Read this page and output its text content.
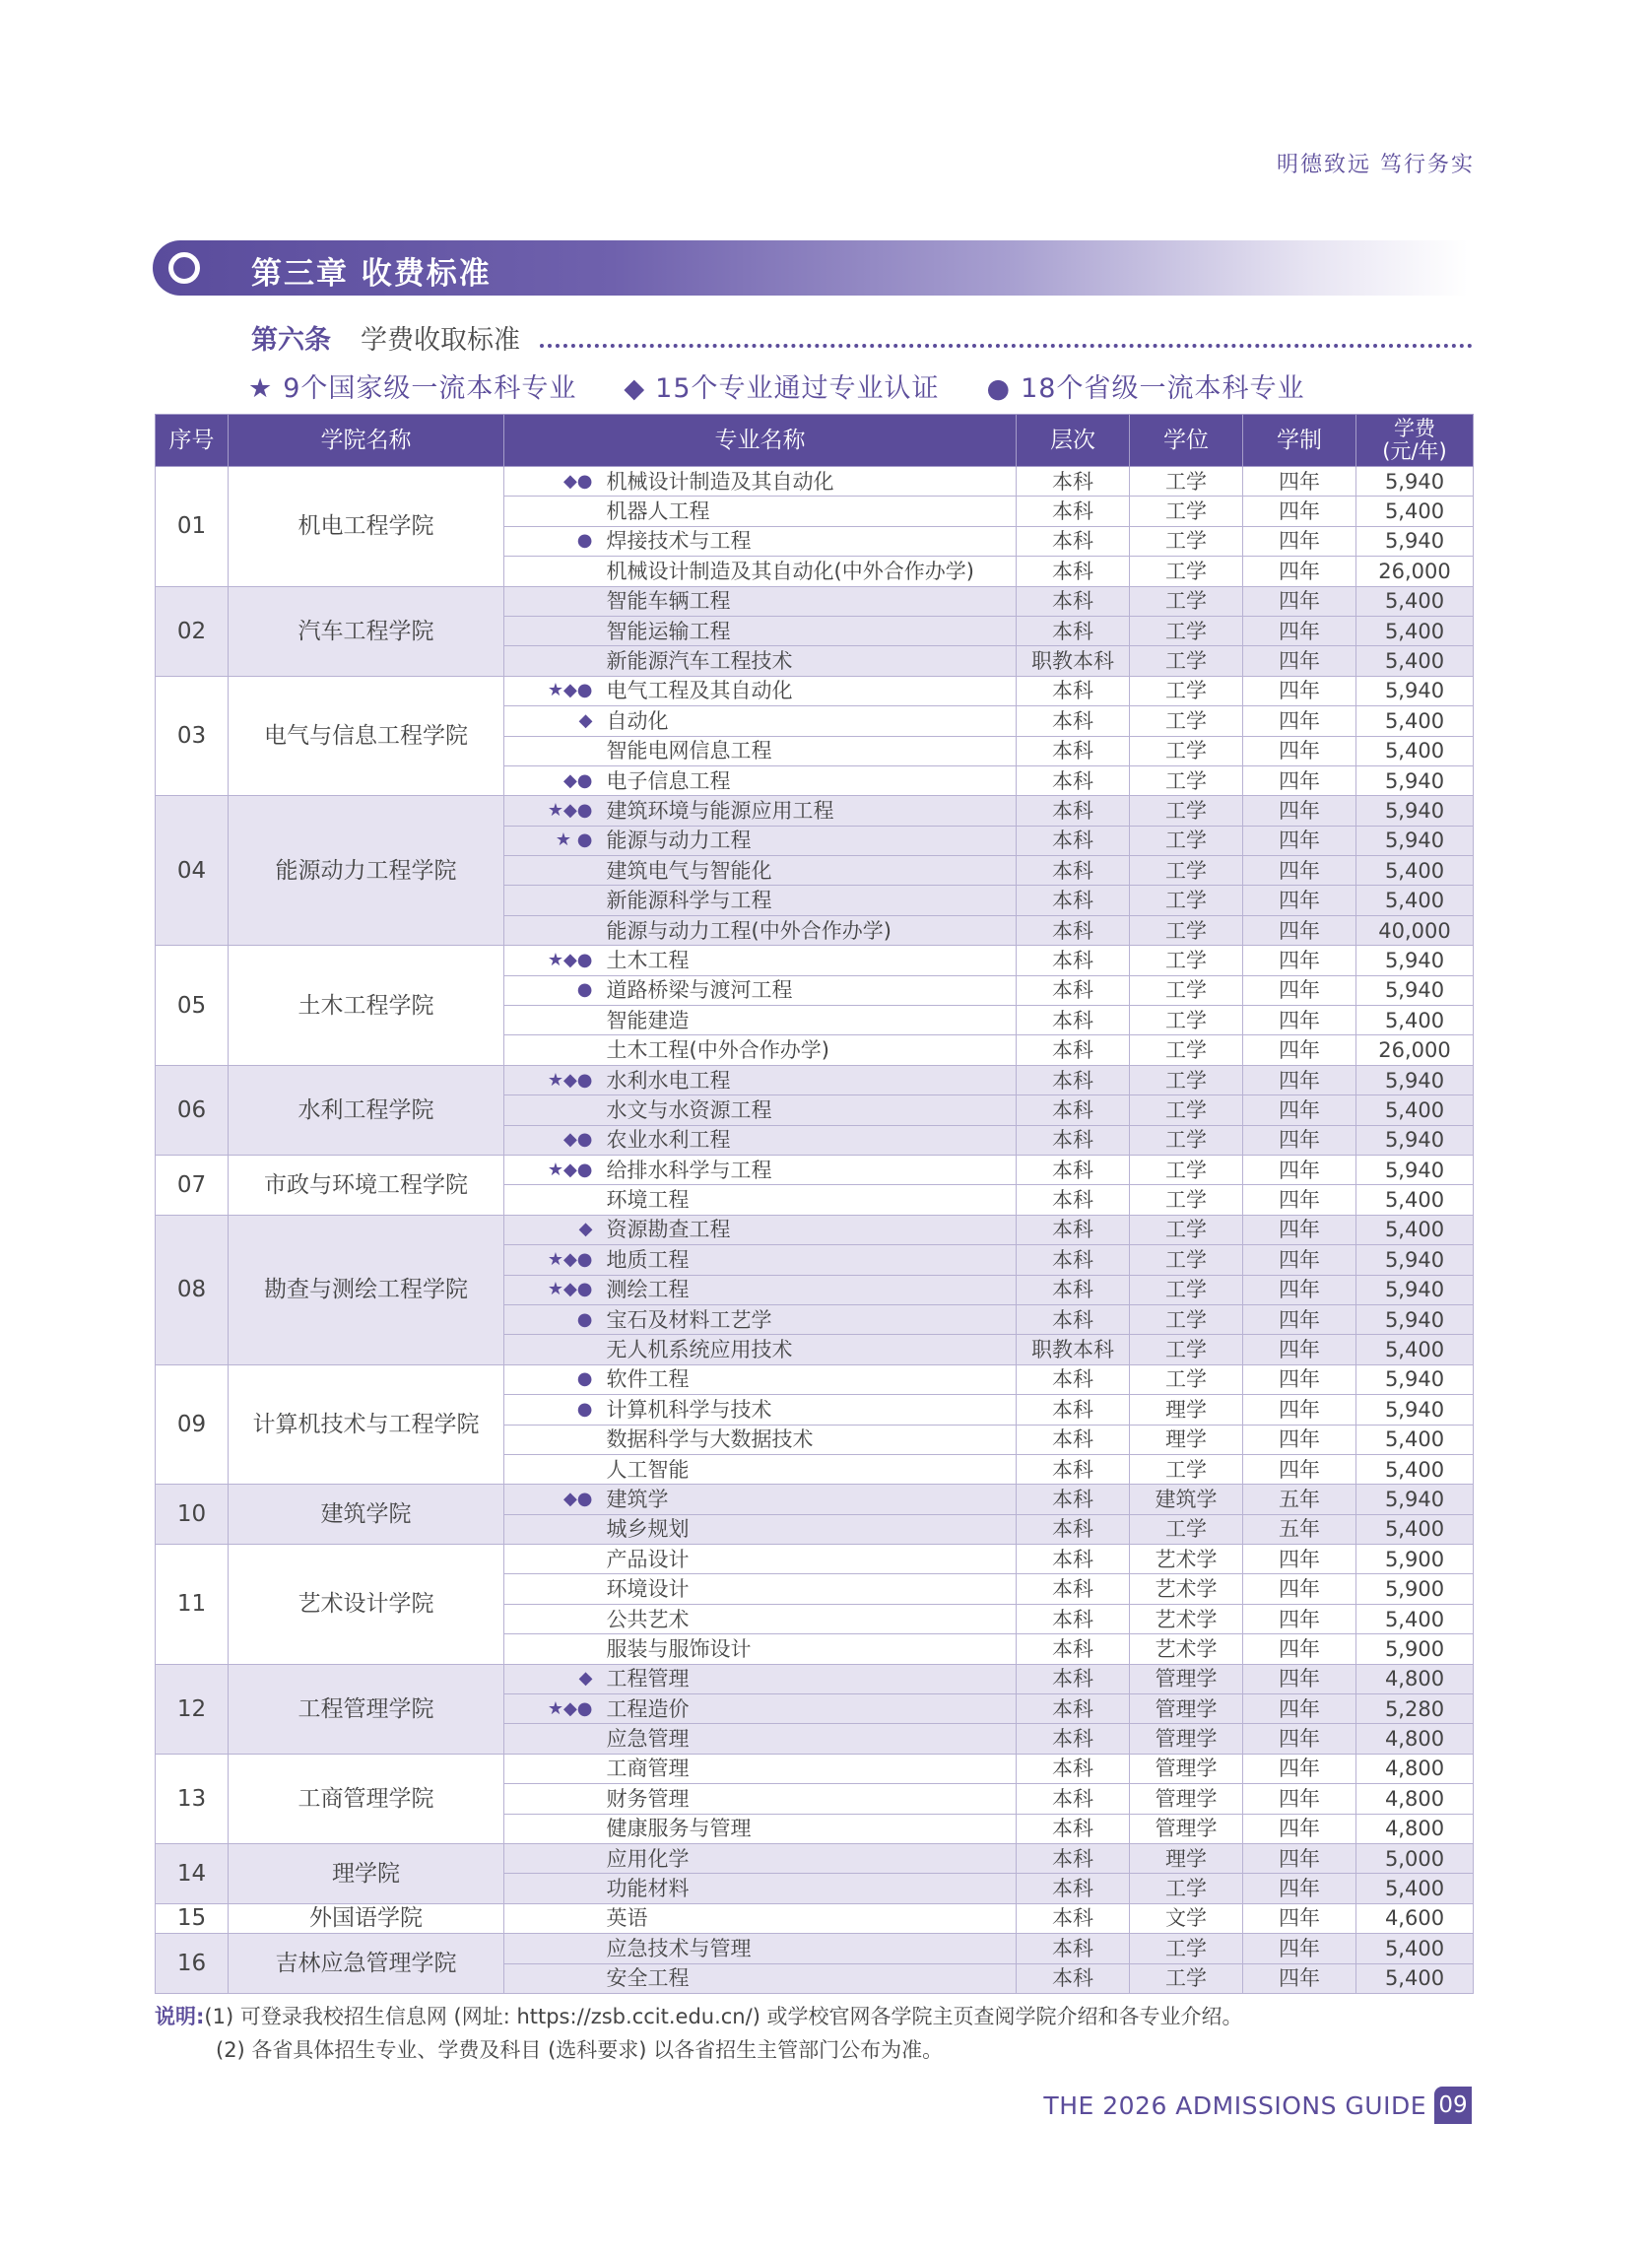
明德致远 笃行务实
第三章 收费标准
第六条 学费收取标准
★ 9个国家级一流本科专业 ◆ 15个专业通过专业认证 ● 18个省级一流本科专业
序号	学院名称	专业名称		层次	学位	学制	学费
(元/年)
01	机电工程学院	◆●	机械设计制造及其自动化	本科	工学	四年	5,940
			机器人工程	本科	工学	四年	5,400
		●	焊接技术与工程	本科	工学	四年	5,940
			机械设计制造及其自动化(中外合作办学)	本科	工学	四年	26,000
02	汽车工程学院		智能车辆工程	本科	工学	四年	5,400
			智能运输工程	本科	工学	四年	5,400
			新能源汽车工程技术	职教本科	工学	四年	5,400
03	电气与信息工程学院	★◆●	电气工程及其自动化	本科	工学	四年	5,940
		◆	自动化	本科	工学	四年	5,400
			智能电网信息工程	本科	工学	四年	5,400
		◆●	电子信息工程	本科	工学	四年	5,940
04	能源动力工程学院	★◆●	建筑环境与能源应用工程	本科	工学	四年	5,940
		★ ●	能源与动力工程	本科	工学	四年	5,940
			建筑电气与智能化	本科	工学	四年	5,400
			新能源科学与工程	本科	工学	四年	5,400
			能源与动力工程(中外合作办学)	本科	工学	四年	40,000
05	土木工程学院	★◆●	土木工程	本科	工学	四年	5,940
		●	道路桥梁与渡河工程	本科	工学	四年	5,940
			智能建造	本科	工学	四年	5,400
			土木工程(中外合作办学)	本科	工学	四年	26,000
06	水利工程学院	★◆●	水利水电工程	本科	工学	四年	5,940
			水文与水资源工程	本科	工学	四年	5,400
		◆●	农业水利工程	本科	工学	四年	5,940
07	市政与环境工程学院	★◆●	给排水科学与工程	本科	工学	四年	5,940
			环境工程	本科	工学	四年	5,400
08	勘查与测绘工程学院	◆	资源勘查工程	本科	工学	四年	5,400
		★◆●	地质工程	本科	工学	四年	5,940
		★◆●	测绘工程	本科	工学	四年	5,940
		●	宝石及材料工艺学	本科	工学	四年	5,940
			无人机系统应用技术	职教本科	工学	四年	5,400
09	计算机技术与工程学院	●	软件工程	本科	工学	四年	5,940
		●	计算机科学与技术	本科	理学	四年	5,940
			数据科学与大数据技术	本科	理学	四年	5,400
			人工智能	本科	工学	四年	5,400
10	建筑学院	◆●	建筑学	本科	建筑学	五年	5,940
			城乡规划	本科	工学	五年	5,400
11	艺术设计学院		产品设计	本科	艺术学	四年	5,900
			环境设计	本科	艺术学	四年	5,900
			公共艺术	本科	艺术学	四年	5,400
			服装与服饰设计	本科	艺术学	四年	5,900
12	工程管理学院	◆	工程管理	本科	管理学	四年	4,800
		★◆●	工程造价	本科	管理学	四年	5,280
			应急管理	本科	管理学	四年	4,800
13	工商管理学院		工商管理	本科	管理学	四年	4,800
			财务管理	本科	管理学	四年	4,800
			健康服务与管理	本科	管理学	四年	4,800
14	理学院		应用化学	本科	理学	四年	5,000
			功能材料	本科	工学	四年	5,400
15	外国语学院		英语	本科	文学	四年	4,600
16	吉林应急管理学院		应急技术与管理	本科	工学	四年	5,400
			安全工程	本科	工学	四年	5,400
说明:(1) 可登录我校招生信息网 (网址: https://zsb.ccit.edu.cn/) 或学校官网各学院主页查阅学院介绍和各专业介绍。
(2) 各省具体招生专业、学费及科目 (选科要求) 以各省招生主管部门公布为准。
THE 2026 ADMISSIONS GUIDE 09
